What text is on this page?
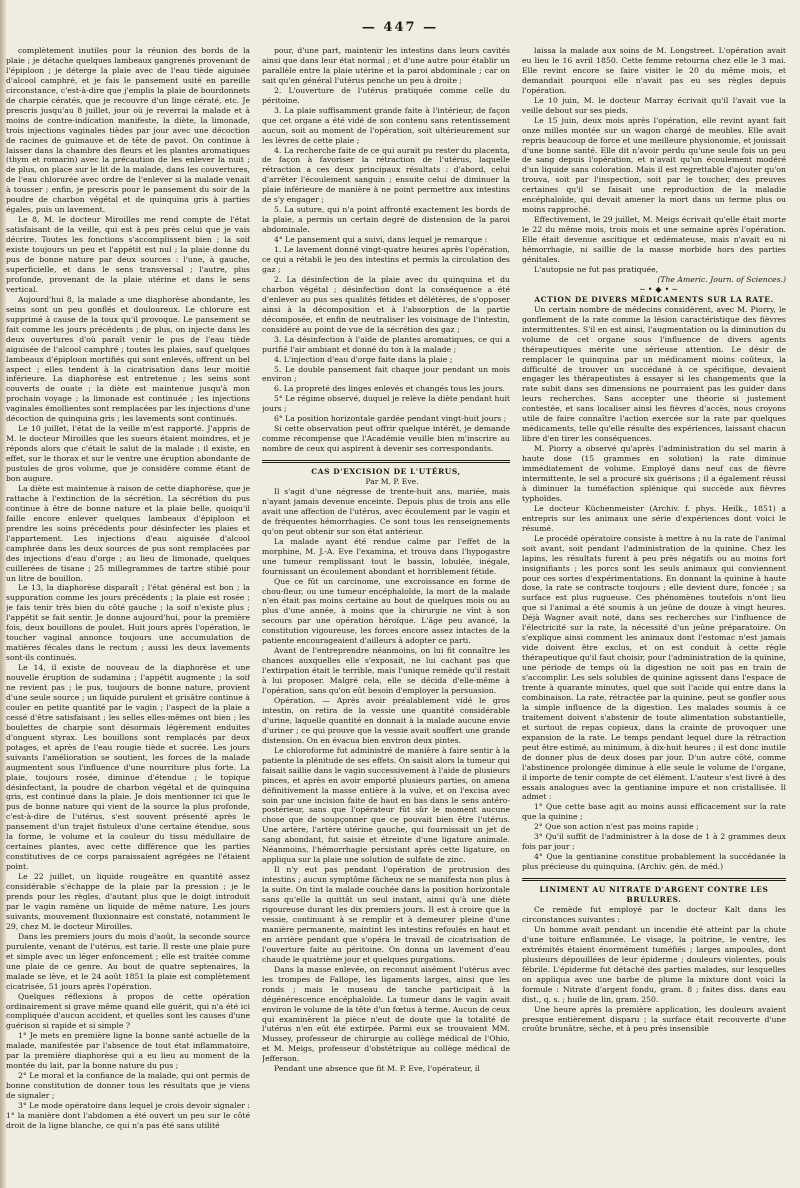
— 447 —

complètement inutiles pour la réunion des bords de la plaie ; je détache quelques lambeaux gangrenés provenant de l'épiploon ; je déterge la plaie avec de l'eau tiède aiguisée d'alcool camphré, et je fais le pansement usité en pareille circonstance, c'est-à-dire que j'emplis la plaie de bourdonnets de charpie cératés, que je recouvre d'un linge cératé, etc. Je prescris jusqu'au 8 juillet, jour où je reverrai la malade et à moins de contre-indication manifeste, la diète, la limonade, trois injections vaginales tièdes par jour avec une décoction de racines de guimauve et de tête de pavot. On continue à laisser dans la chambre des fleurs et les plantes aromatiques (thym et romarin) avec la précaution de les enlever la nuit ; de plus, on place sur le lit de la malade, dans les couvertures, de l'eau chlorurée avec ordre de l'enlever si la malade venait à tousser ; enfin, je prescris pour le pansement du soir de la poudre de charbon végétal et de quinquina gris à parties égales, puis un lavement.

Le 8, M. le docteur Miroilles me rend compte de l'état satisfaisant de la veille, qui est à peu près celui que je vais décrire. Toutes les fonctions s'accomplissent bien ; la soif existe toujours un peu et l'appétit est nul ; la plaie donne du pus de bonne nature par deux sources : l'une, à gauche, superficielle, et dans le sens transversal ; l'autre, plus profonde, provenant de la plaie utérine et dans le sens vertical.

Aujourd'hui 8, la malade a une diaphorèse abondante, les seins sont un peu gonflés et douloureux. Le chlorure est supprimé à cause de la toux qu'il provoque. Le pansement se fait comme les jours précédents ; de plus, on injecte dans les deux ouvertures d'où paraît venir le pus de l'eau tiède aiguisée de l'alcool camphré ; toutes les plaies, sauf quelques lambeaux d'épiploon mortifiés qui sont enlevés, offrent un bel aspect ; elles tendent à la cicatrisation dans leur moitié inférieure. La diaphorèse est entretenue ; les seins sont couverts de ouate ; la diète est maintenue jusqu'à mon prochain voyage ; la limonade est continuée ; les injections vaginales émollientes sont remplacées par les injections d'une décoction de quinquina gris ; les lavements sont continués.

Le 10 juillet, l'état de la veille m'est rapporté. J'appris de M. le docteur Miroilles que les sueurs étaient moindres, et je réponds alors que c'était le salut de la malade ; il existe, en effet, sur le thorax et sur le ventre une éruption abondante de pustules de gros volume, que je considère comme étant de bon augure.

La diète est maintenue à raison de cette diaphorèse, que je rattache à l'extinction de la sécrétion. La sécrétion du pus continue à être de bonne nature et la plaie belle, quoiqu'il faille encore enlever quelques lambeaux d'épiploon et prendre les soins précédents pour désinfecter les plaies et l'appartement. Les injections d'eau aiguisée d'alcool camphrée dans les deux sources de pus sont remplacées par des injections d'eau d'orge ; au lieu de limonade, quelques cuillerées de tisane ; 25 millegrammes de tartre stibié pour un litre de bouillon.

Le 13, la diaphorèse disparaît ; l'état général est bon ; la suppuration comme les jours précédents ; la plaie est rosée ; je fais tenir très bien du côté gauche ; la soif n'existe plus ; l'appétit se fait sentir. Je donne aujourd'hui, pour la première fois, deux bouillons de poulet. Huit jours après l'opération, le toucher vaginal annonce toujours une accumulation de matières fécales dans le rectum ; aussi les deux lavements sont-ils continués.

Le 14, il existe de nouveau de la diaphorèse et une nouvelle éruption de sudamina ; l'appétit augmente ; la soif ne revient pas ; le pus, toujours de bonne nature, provient d'une seule source ; un liquide purulent et grisâtre continue à couler en petite quantité par le vagin ; l'aspect de la plaie a cessé d'être satisfaisant ; les selles elles-mêmes ont bien ; les boulettes de charpie sont désormais légèrement enduites d'onguent styrax. Les bouillons sont remplacés par deux potages, et après de l'eau rougie tiède et sucrée. Les jours suivants l'amélioration se soutient, les forces de la malade augmentent sous l'influence d'une nourriture plus forte. La plaie, toujours rosée, diminue d'étendue ; le topique désinfectant, la poudre de charbon végétal et de quinquina gris, est continué dans la plaie. Je dois mentionner ici que le pus de bonne nature qui vient de la source la plus profonde, c'est-à-dire de l'utérus, s'est souvent présenté après le pansement d'un trajet fistuleux d'une certaine étendue, sous la forme, le volume et la couleur du tissu médullaire de certaines plantes, avec cette différence que les parties constitutives de ce corps paraissaient agrégées ne l'étaient point.

Le 22 juillet, un liquide rougeâtre en quantité assez considérable s'échappe de la plaie par la pression ; je le prends pour les règles, d'autant plus que le doigt introduit par le vagin ramène un liquide de même nature. Les jours suivants, mouvement fluxionnaire est constaté, notamment le 29, chez M. le docteur Miroilles.

Dans les premiers jours du mois d'août, la seconde source purulente, venant de l'utérus, est tarie. Il reste une plaie pure et simple avec un léger enfoncement ; elle est traitée comme une plaie de ce genre. Au bout de quatre septenaires, la malade se lève, et le 24 août 1851 la plaie est complètement cicatrisée, 51 jours après l'opération.

Quelques réflexions à propos de cette opération ordinairement si grave même quand elle guérit, qui n'a été ici compliquée d'aucun accident, et quelles sont les causes d'une guérison si rapide et si simple ?

1° Je mets en première ligne la bonne santé actuelle de la malade, manifestée par l'absence de tout état inflammatoire, par la première diaphorèse qui a eu lieu au moment de la montée du lait, par la bonne nature du pus ;

2° Le moral et la confiance de la malade, qui ont permis de bonne constitution de donner tous les résultats que je viens de signaler ;

3° Le mode opératoire dans lequel je crois devoir signaler : 1° la manière dont l'abdomen a été ouvert un peu sur le côté droit de la ligne blanche, ce qui n'a pas été sans utilité

pour, d'une part, maintenir les intestins dans leurs cavités ainsi que dans leur état normal ; et d'une autre pour établir un parallèle entre la plaie utérine et la paroi abdominale ; car on sait qu'en général l'utérus penche un peu à droite ;

2. L'ouverture de l'utérus pratiquée comme celle du péritoine.

3. La plaie suffisamment grande faite à l'intérieur, de façon que cet organe a été vidé de son contenu sans retentissement aucun, soit au moment de l'opération, soit ultérieurement sur les lèvres de cette plaie ;

4. La recherche faite de ce qui aurait pu rester du placenta, de façon à favoriser la rétraction de l'utérus, laquelle rétraction a ces deux principaux résultats : d'abord, celui d'arrêter l'écoulement sanguin ; ensuite celui de diminuer la plaie inférieure de manière à ne point permettre aux intestins de s'y engager ;

5. La suture, qui n'a point affronté exactement les bords de la plaie, a permis un certain degré de distension de la paroi abdominale.

4° Le pansement qui a suivi, dans lequel je remarque :

1. Le lavement donné vingt-quatre heures après l'opération, ce qui a rétabli le jeu des intestins et permis la circulation des gaz ;

2. La désinfection de la plaie avec du quinquina et du charbon végétal ; désinfection dont la conséquence a été d'enlever au pus ses qualités fétides et délétères, de s'opposer ainsi à la décomposition et à l'absorption de la partie décomposée, et enfin de neutraliser les voisinage de l'intestin, considéré au point de vue de la sécrétion des gaz ;

3. La désinfection à l'aide de plantes aromatiques, ce qui a purifié l'air ambiant et donné du ton à la malade ;

4. L'injection d'eau d'orge faite dans la plaie ;

5. Le double pansement fait chaque jour pendant un mois environ ;

6. La propreté des linges enlevés et changés tous les jours.

5° Le régime observé, duquel je relève la diète pendant huit jours ;

6° La position horizontale gardée pendant vingt-huit jours ;

Si cette observation peut offrir quelque intérêt, je demande comme récompense que l'Académie veuille bien m'inscrire au nombre de ceux qui aspirent à devenir ses correspondants.

CAS D'EXCISION DE L'UTÉRUS,

Par M. P. Eve.

Il s'agit d'une négresse de trente-huit ans, mariée, mais n'ayant jamais devenue enceinte. Depuis plus de trois ans elle avait une affection de l'utérus, avec écoulement par le vagin et de fréquentes hémorrhagies. Ce sont tous les renseignements qu'on peut obtenir sur son état antérieur.

La malade ayant été rendue calme par l'effet de la morphine, M. J.-A. Eve l'examina, et trouva dans l'hypogastre une tumeur remplissant tout le bassin, lobulée, inégale, fournissant un écoulement abondant et horriblement fétide.

Que ce fût un carcinome, une excroissance en forme de chou-fleur, ou une tumeur encéphaloïde, la mort de la malade n'en était pas moins certaine au bout de quelques mois ou au plus d'une année, à moins que la chirurgie ne vînt à son secours par une opération héroïque. L'âge peu avancé, la constitution vigoureuse, les forces encore assez intactes de la patiente encourageaient d'ailleurs à adopter ce parti.

Avant de l'entreprendre néanmoins, on lui fit connaître les chances auxquelles elle s'exposait, ne lui cachant pas que l'extirpation était le terrible, mais l'unique remède qu'il restait à lui proposer. Malgré cela, elle se décida d'elle-même à l'opération, sans qu'on eût besoin d'employer la persuasion.

Opération. — Après avoir préalablement vidé le gros intestin, on retira de la vessie une quantité considérable d'urine, laquelle quantité en donnait à la malade aucune envie d'uriner ; ce qui prouve que la vessie avait souffert une grande distension. On en évacua bien environ deux pintes.

Le chloroforme fut administré de manière à faire sentir à la patiente la plénitude de ses effets. On saisit alors la tumeur qui faisait saillie dans le vagin successivement à l'aide de plusieurs pinces, et après en avoir emporté plusieurs parties, on amena définitivement la masse entière à la vulve, et on l'excisa avec soin par une incision faite de haut en bas dans le sens antéro-postérieur, sans que l'opérateur fût sûr le moment aucune chose que de soupçonner que ce pouvait bien être l'utérus. Une artère, l'artère utérine gauche, qui fournissait un jet de sang abondant, fut saisie et étreinte d'une ligature animale. Néanmoins, l'hémorrhagie persistant après cette ligature, on appliqua sur la plaie une solution de sulfate de zinc.

Il n'y eut pas pendant l'opération de protrusion des intestins ; aucun symptôme fâcheux ne se manifesta non plus à la suite. On tint la malade couchée dans la position horizontale sans qu'elle la quittât un seul instant, ainsi qu'à une diète rigoureuse durant les dix premiers jours. Il est à croire que la vessie, continuant à se remplir et à demeurer pleine d'une manière permanente, maintint les intestins refoulés en haut et en arrière pendant que s'opéra le travail de cicatrisation de l'ouverture faite au péritoine. On donna un lavement d'eau chaude le quatrième jour et quelques purgations.

Dans la masse enlevée, on reconnut aisément l'utérus avec les trompes de Fallope, les ligaments larges, ainsi que les ronds ; mais le museau de tanche participait à la dégénérescence encéphaloïde. La tumeur dans le vagin avait environ le volume de la tête d'un fœtus à terme. Aucun de ceux qui examinèrent la pièce n'eut de doute que la totalité de l'utérus n'en eût été extirpée. Parmi eux se trouvaient MM. Mussey, professeur de chirurgie au collège médical de l'Ohio, et M. Meigs, professeur d'obstétrique au collège médical de Jefferson.

Pendant une absence que fit M. P. Eve, l'opérateur, il

laissa la malade aux soins de M. Longstreet. L'opération avait eu lieu le 16 avril 1850. Cette femme retourna chez elle le 3 mai. Elle revint encore se faire visiter le 20 du même mois, et demandait pourquoi elle n'avait pas eu ses règles depuis l'opération.

Le 10 juin, M. le docteur Marray écrivait qu'il l'avait vue la veille debout sur ses pieds.

Le 15 juin, deux mois après l'opération, elle revint ayant fait onze milles montée sur un wagon chargé de meubles. Elle avait repris beaucoup de force et une meilleure physionomie, et jouissait d'une bonne santé. Elle dit n'avoir perdu qu'une seule fois un peu de sang depuis l'opération, et n'avait qu'un écoulement modéré d'un liquide sans coloration. Mais il est regrettable d'ajouter qu'on trouva, soit par l'inspection, soit par le toucher, des preuves certaines qu'il se faisait une reproduction de la maladie encéphaloïde, qui devait amener la mort dans un terme plus ou moins rapproché.

Effectivement, le 29 juillet, M. Meigs écrivait qu'elle était morte le 22 du même mois, trois mois et une semaine après l'opération. Elle était devenue ascitique et œdémateuse, mais n'avait eu ni hémorrhagie, ni saillie de la masse morbide hors des parties génitales.

L'autopsie ne fut pas pratiquée,

(The Americ. Journ. of Sciences.)

─•◆•─

ACTION DE DIVERS MÉDICAMENTS SUR LA RATE.

Un certain nombre de médecins considèrent, avec M. Piorry, le gonflement de la rate comme la lésion caractéristique des fièvres intermittentes. S'il en est ainsi, l'augmentation ou la diminution du volume de cet organe sous l'influence de divers agents thérapeutiques mérite une sérieuse attention. Le désir de remplacer le quinquina par un médicament moins coûteux, la difficulté de trouver un succédané à ce spécifique, devaient engager les thérapeutistes à essayer si les changements que la rate subit dans ses dimensions ne pourraient pas les guider dans leurs recherches. Sans accepter une théorie si justement contestée, et sans localiser ainsi les fièvres d'accès, nous croyons utile de faire connaître l'action exercée sur la rate par quelques médicaments, telle qu'elle résulte des expériences, laissant chacun libre d'en tirer les conséquences.

M. Piorry a observé qu'après l'administration du sel marin à haute dose (15 grammes en solution) la rate diminue immédiatement de volume. Employé dans neuf cas de fièvre intermittente, le sel a procuré six guérisons ; il a également réussi à diminuer la tuméfaction splénique qui succède aux fièvres typhoïdes.

Le docteur Küchenmeister (Archiv. f. phys. Heilk., 1851) a entrepris sur les animaux une série d'expériences dont voici le résumé.

Le procédé opératoire consiste à mettre à nu la rate de l'animal soit avant, soit pendant l'administration de la quinine. Chez les lapins, les résultats furent à peu près négatifs ou au moins fort insignifiants ; les porcs sont les seuls animaux qui conviennent pour ces sortes d'expérimentations. En donnant la quinine à haute dose, la rate se contracte toujours ; elle devient dure, foncée ; sa surface est plus rugueuse. Ces phénomènes toutefois n'ont lieu que si l'animal a été soumis à un jeûne de douze à vingt heures. Déjà Wagner avait noté, dans ses recherches sur l'influence de l'électricité sur la rate, la nécessité d'un jeûne préparatoire. On s'explique ainsi comment les animaux dont l'estomac n'est jamais vide doivent être exclus, et on est conduit à cette règle thérapeutique qu'il faut choisir, pour l'administration de la quinine, une période de temps où la digestion ne soit pas en train de s'accomplir. Les sels solubles de quinine agissent dans l'espace de trente à quarante minutes, quel que soit l'acide qui entre dans la combinaison. La rate, rétractée par la quinine, peut se gonfler sous la simple influence de la digestion. Les malades soumis à ce traitement doivent s'abstenir de toute alimentation substantielle, et surtout de repas copieux, dans la crainte de provoquer une expansion de la rate. Le temps pendant lequel dure la rétraction peut être estimé, au minimum, à dix-huit heures ; il est donc inutile de donner plus de deux doses par jour. D'un autre côté, comme l'abstinence prolongée diminue à elle seule le volume de l'organe, il importe de tenir compte de cet élément. L'auteur s'est livré à des essais analogues avec la gentianine impure et non cristallisée. Il admet :

1° Que cette base agit au moins aussi efficacement sur la rate que la quinine ;

2° Que son action n'est pas moins rapide ;

3° Qu'il suffit de l'administrer à la dose de 1 à 2 grammes deux fois par jour ;

4° Que la gentianine constitue probablement la succédanée la plus précieuse du quinquina. (Archiv. gén. de méd.)

LINIMENT AU NITRATE D'ARGENT CONTRE LES BRULURES.

Ce remède fut employé par le docteur Kalt dans les circonstances suivantes :

Un homme avait pendant un incendie été atteint par la chute d'une toiture enflammée. Le visage, la poitrine, le ventre, les extrémités étaient énormément tuméfiés ; larges ampoules, dont plusieurs dépouillées de leur épiderme ; douleurs violentes, pouls fébrile. L'épiderme fut détaché des parties malades, sur lesquelles on appliqua avec une barbe de plume la mixture dont voici la formule : Nitrate d'argent fondu, gram. 8 ; faites diss. dans eau dist., q. s. ; huile de lin, gram. 250.

Une heure après la première application, les douleurs avaient presque entièrement disparu ; la surface était recouverte d'une croûte brunâtre, sèche, et à peu près insensible
